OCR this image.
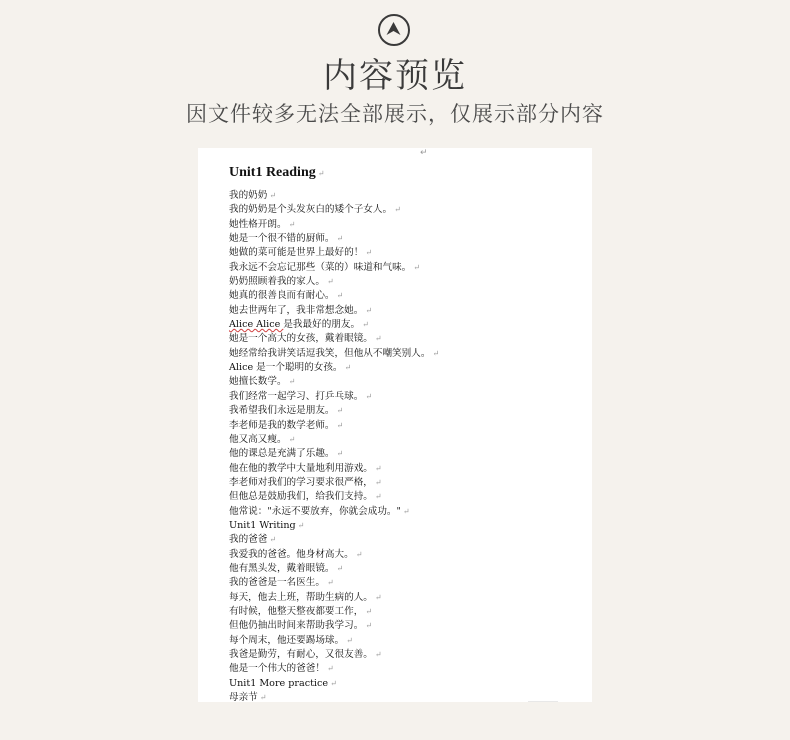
内容预览
因文件较多无法全部展示，仅展示部分内容
↵
Unit1 Reading ↵
我的奶奶 ↵
我的奶奶是个头发灰白的矮个子女人。 ↵
她性格开朗。 ↵
她是一个很不错的厨师。 ↵
她做的菜可能是世界上最好的！ ↵
我永远不会忘记那些（菜的）味道和气味。 ↵
奶奶照顾着我的家人。 ↵
她真的很善良而有耐心。 ↵
她去世两年了，我非常想念她。 ↵
Alice Alice 是我最好的朋友。 ↵
她是一个高大的女孩，戴着眼镜。 ↵
她经常给我讲笑话逗我笑，但他从不嘲笑别人。 ↵
Alice 是一个聪明的女孩。 ↵
她擅长数学。 ↵
我们经常一起学习、打乒乓球。 ↵
我希望我们永远是朋友。 ↵
李老师是我的数学老师。 ↵
他又高又瘦。 ↵
他的课总是充满了乐趣。 ↵
他在他的教学中大量地利用游戏。 ↵
李老师对我们的学习要求很严格， ↵
但他总是鼓励我们，给我们支持。 ↵
他常说："永远不要放弃，你就会成功。" ↵
Unit1 Writing ↵
我的爸爸 ↵
我爱我的爸爸。他身材高大。 ↵
他有黑头发，戴着眼镜。 ↵
我的爸爸是一名医生。 ↵
每天，他去上班，帮助生病的人。 ↵
有时候，他整天整夜都要工作， ↵
但他仍抽出时间来帮助我学习。 ↵
每个周末，他还要踢场球。 ↵
我爸是勤劳，有耐心，又很友善。 ↵
他是一个伟大的爸爸！ ↵
Unit1 More practice ↵
母亲节 ↵
